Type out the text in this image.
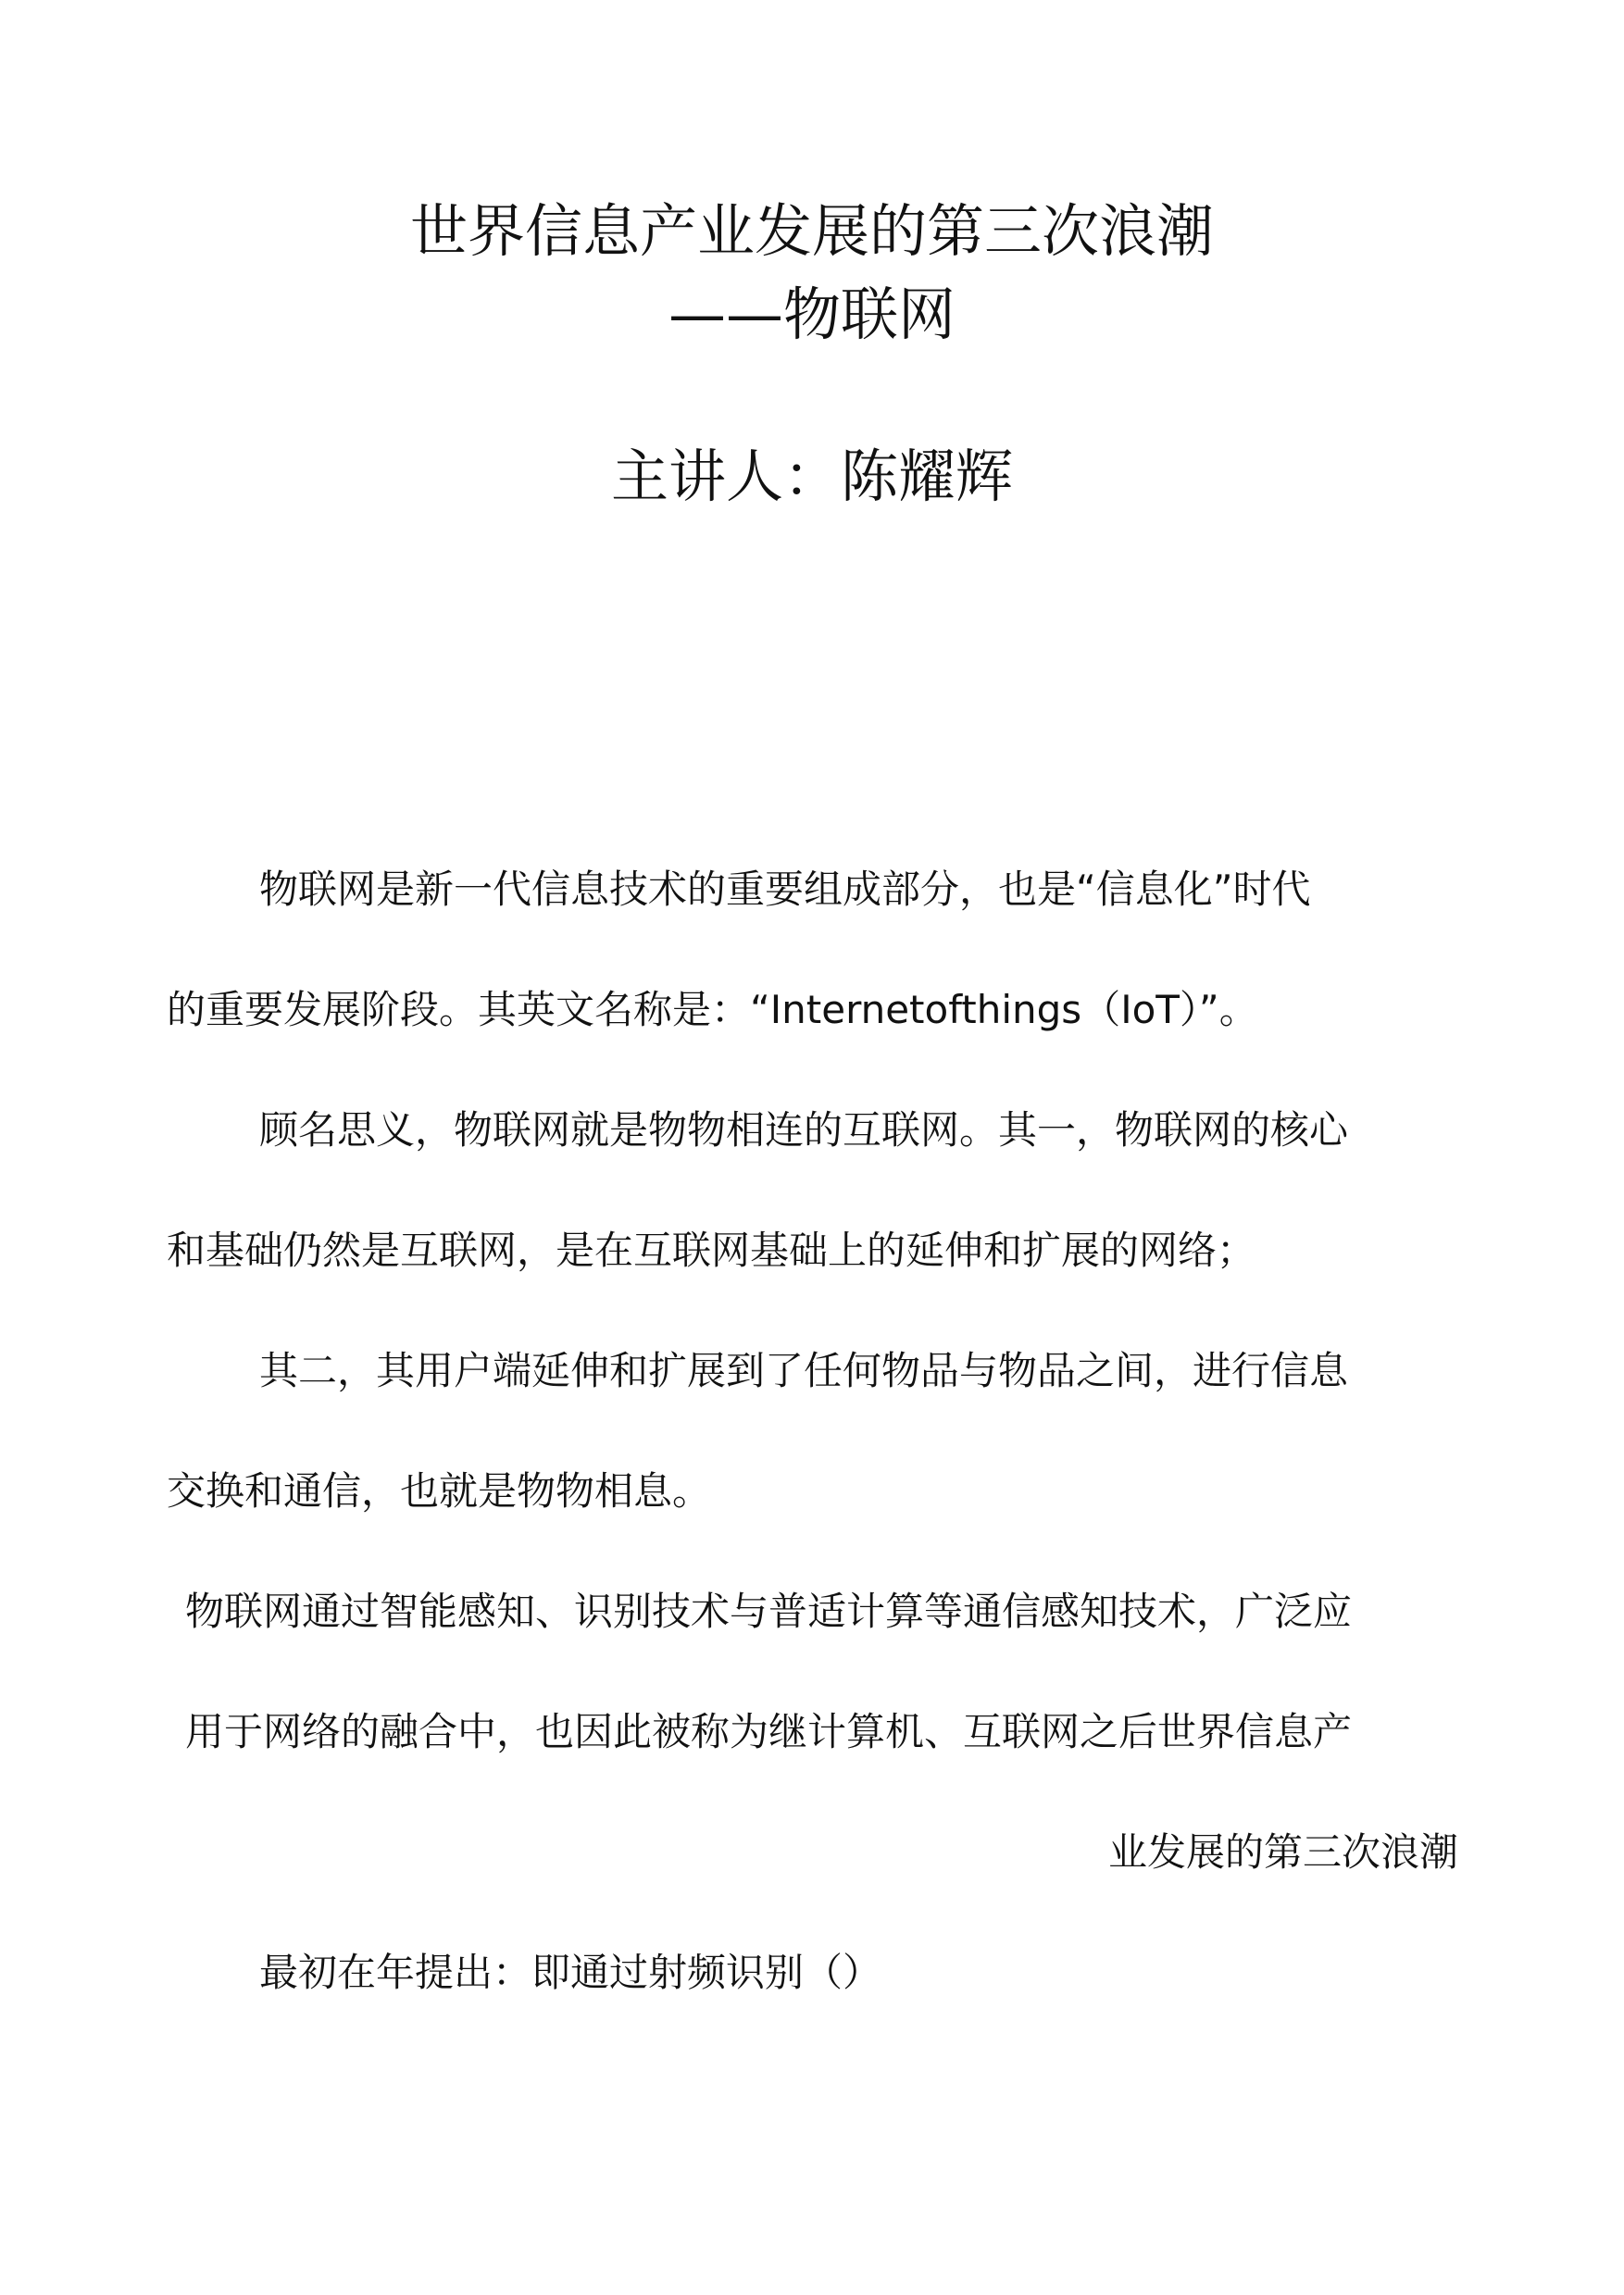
世界信息产业发展的第三次浪潮
——物联网
主讲人：陈耀辉
物联网是新一代信息技术的重要组成部分，也是“信息化”时代
的重要发展阶段。其英文名称是：“Internetofthings（IoT）”。
顾名思义，物联网就是物物相连的互联网。其一，物联网的核心
和基础仍然是互联网，是在互联网基础上的延伸和扩展的网络；
其二，其用户端延伸和扩展到了任何物品与物品之间，进行信息
交换和通信，也就是物物相息。
物联网通过智能感知、识别技术与普适计算等通信感知技术，广泛应
用于网络的融合中，也因此被称为继计算机、互联网之后世界信息产
业发展的第三次浪潮
最初在年提出：即通过射频识别（）
